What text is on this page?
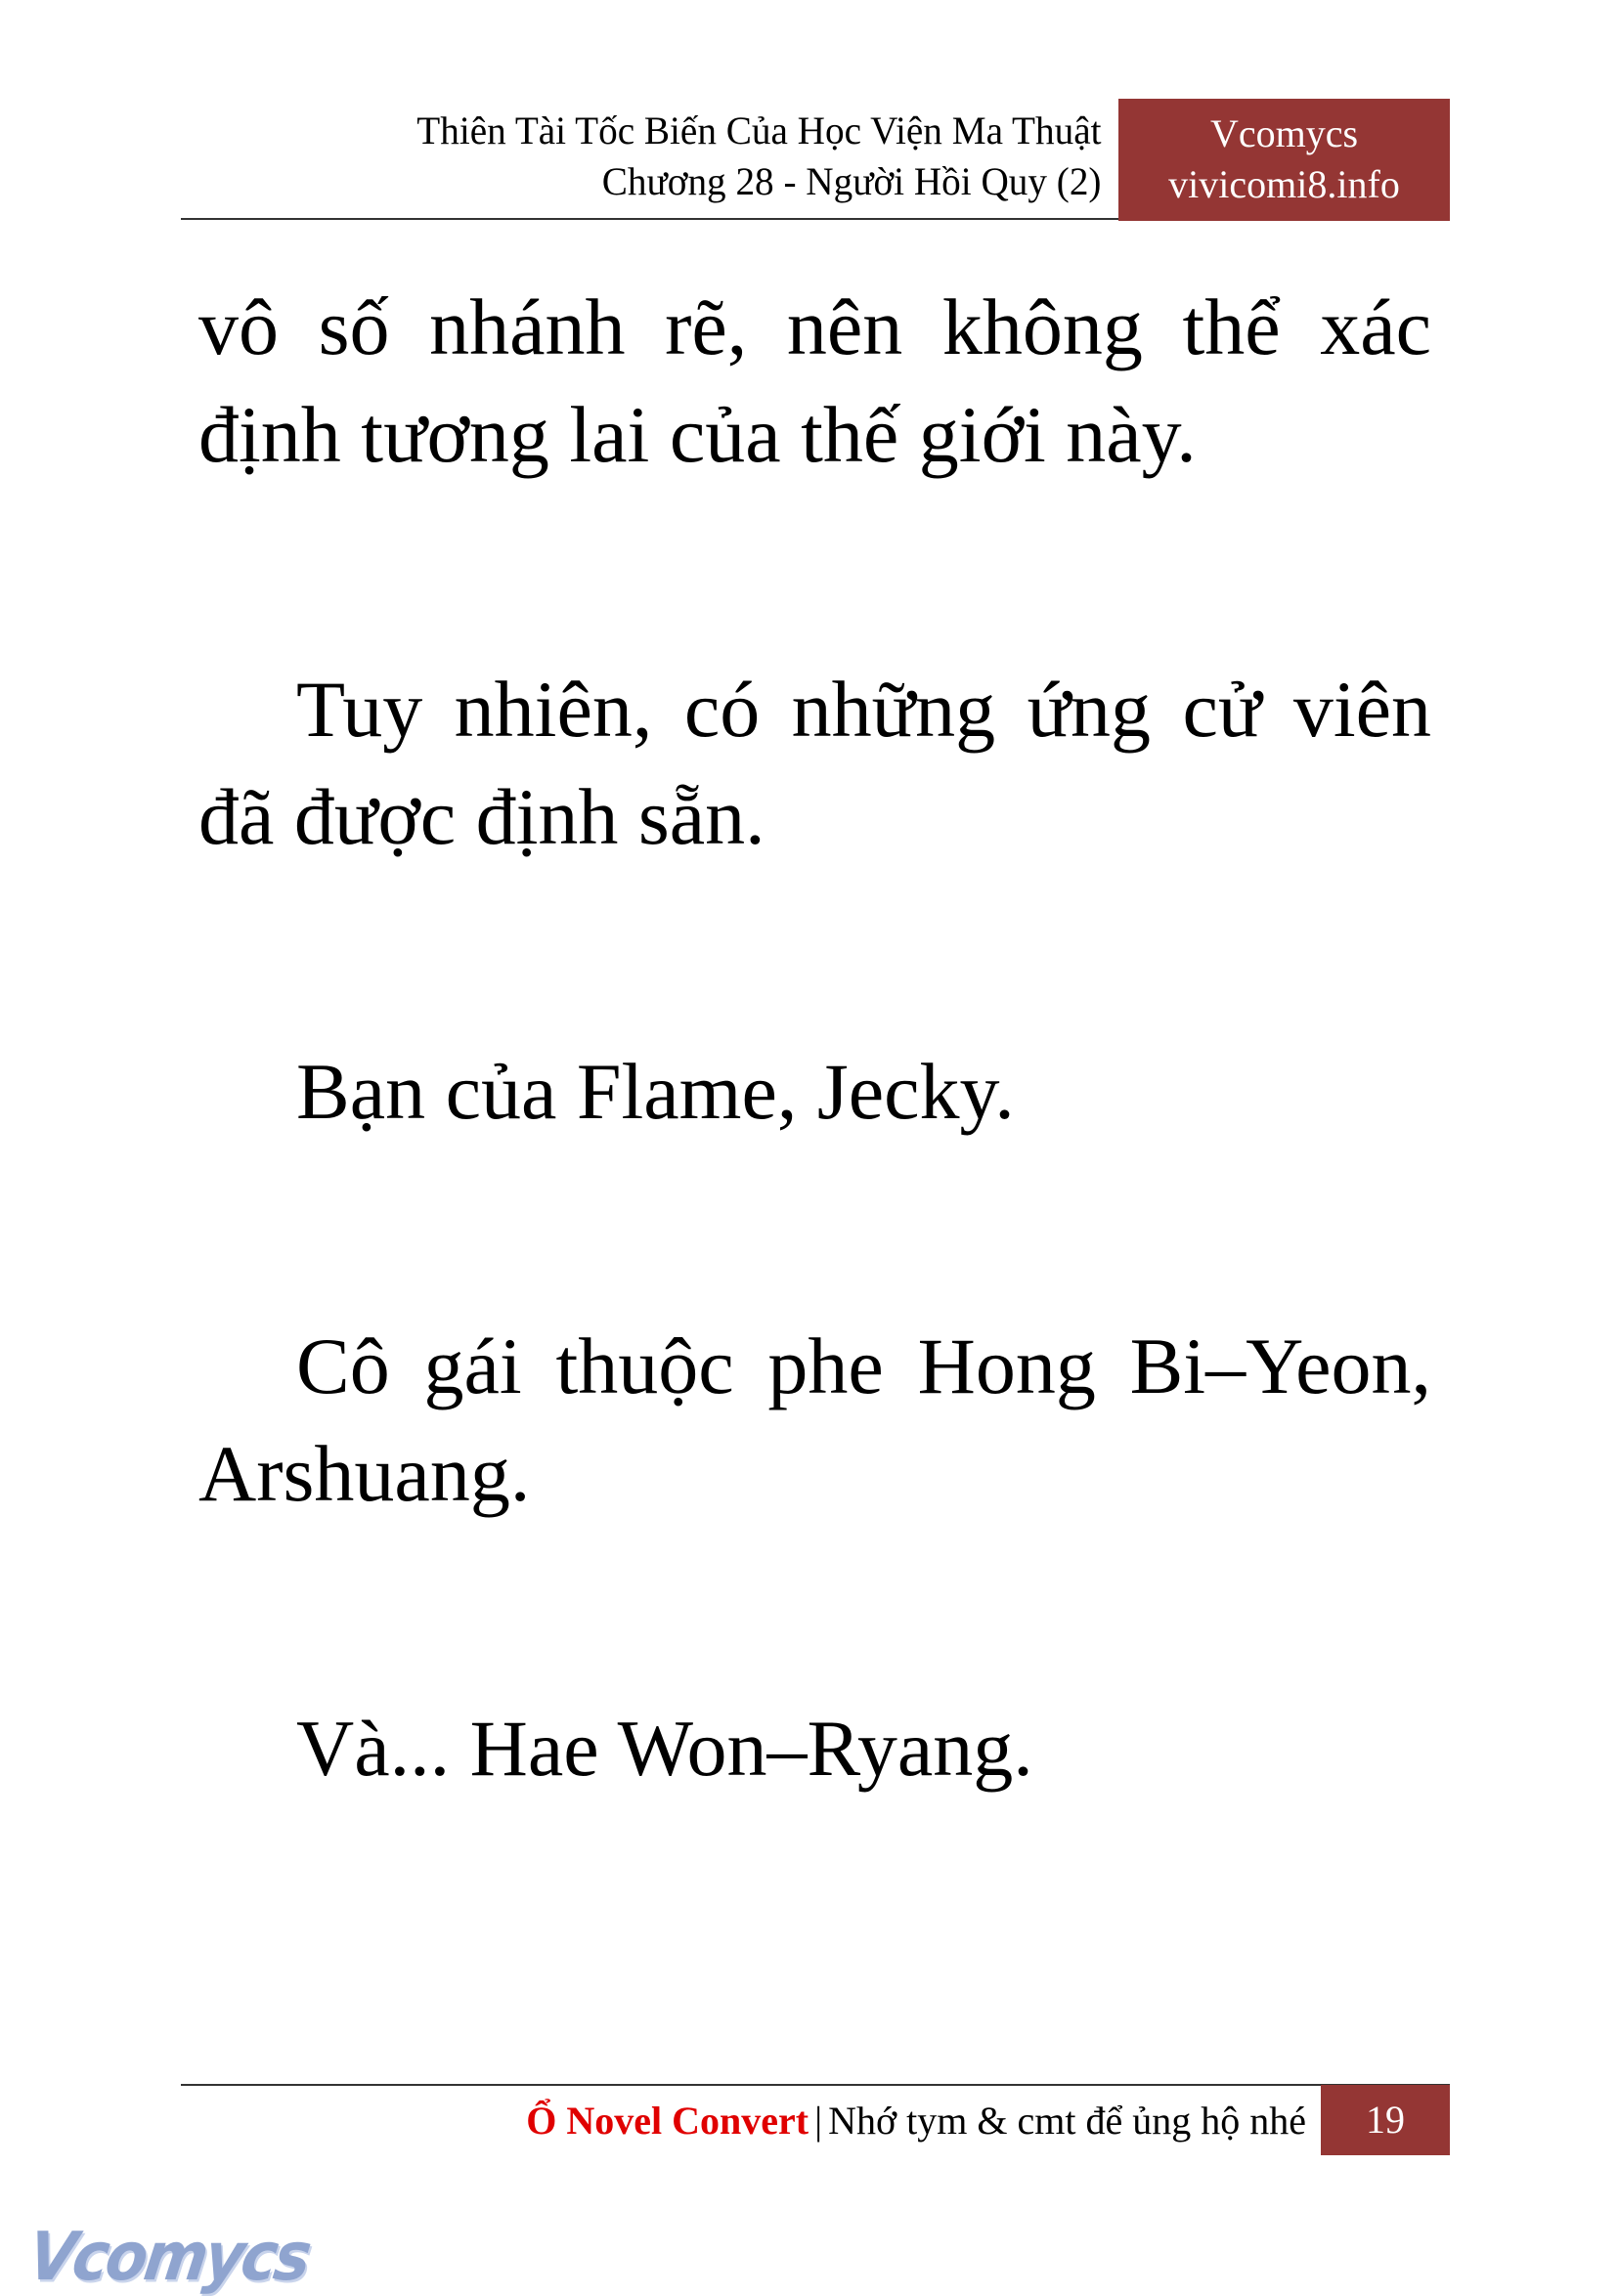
Thiên Tài Tốc Biến Của Học Viện Ma Thuật
Chương 28 - Người Hồi Quy (2)
Vcomycs
vivicomi8.info

vô số nhánh rẽ, nên không thể xác định tương lai của thế giới này.

Tuy nhiên, có những ứng cử viên đã được định sẵn.

Bạn của Flame, Jecky.

Cô gái thuộc phe Hong Bi–Yeon, Arshuang.

Và... Hae Won–Ryang.

Ổ Novel Convert | Nhớ tym & cmt để ủng hộ nhé	19
Vcomycs
